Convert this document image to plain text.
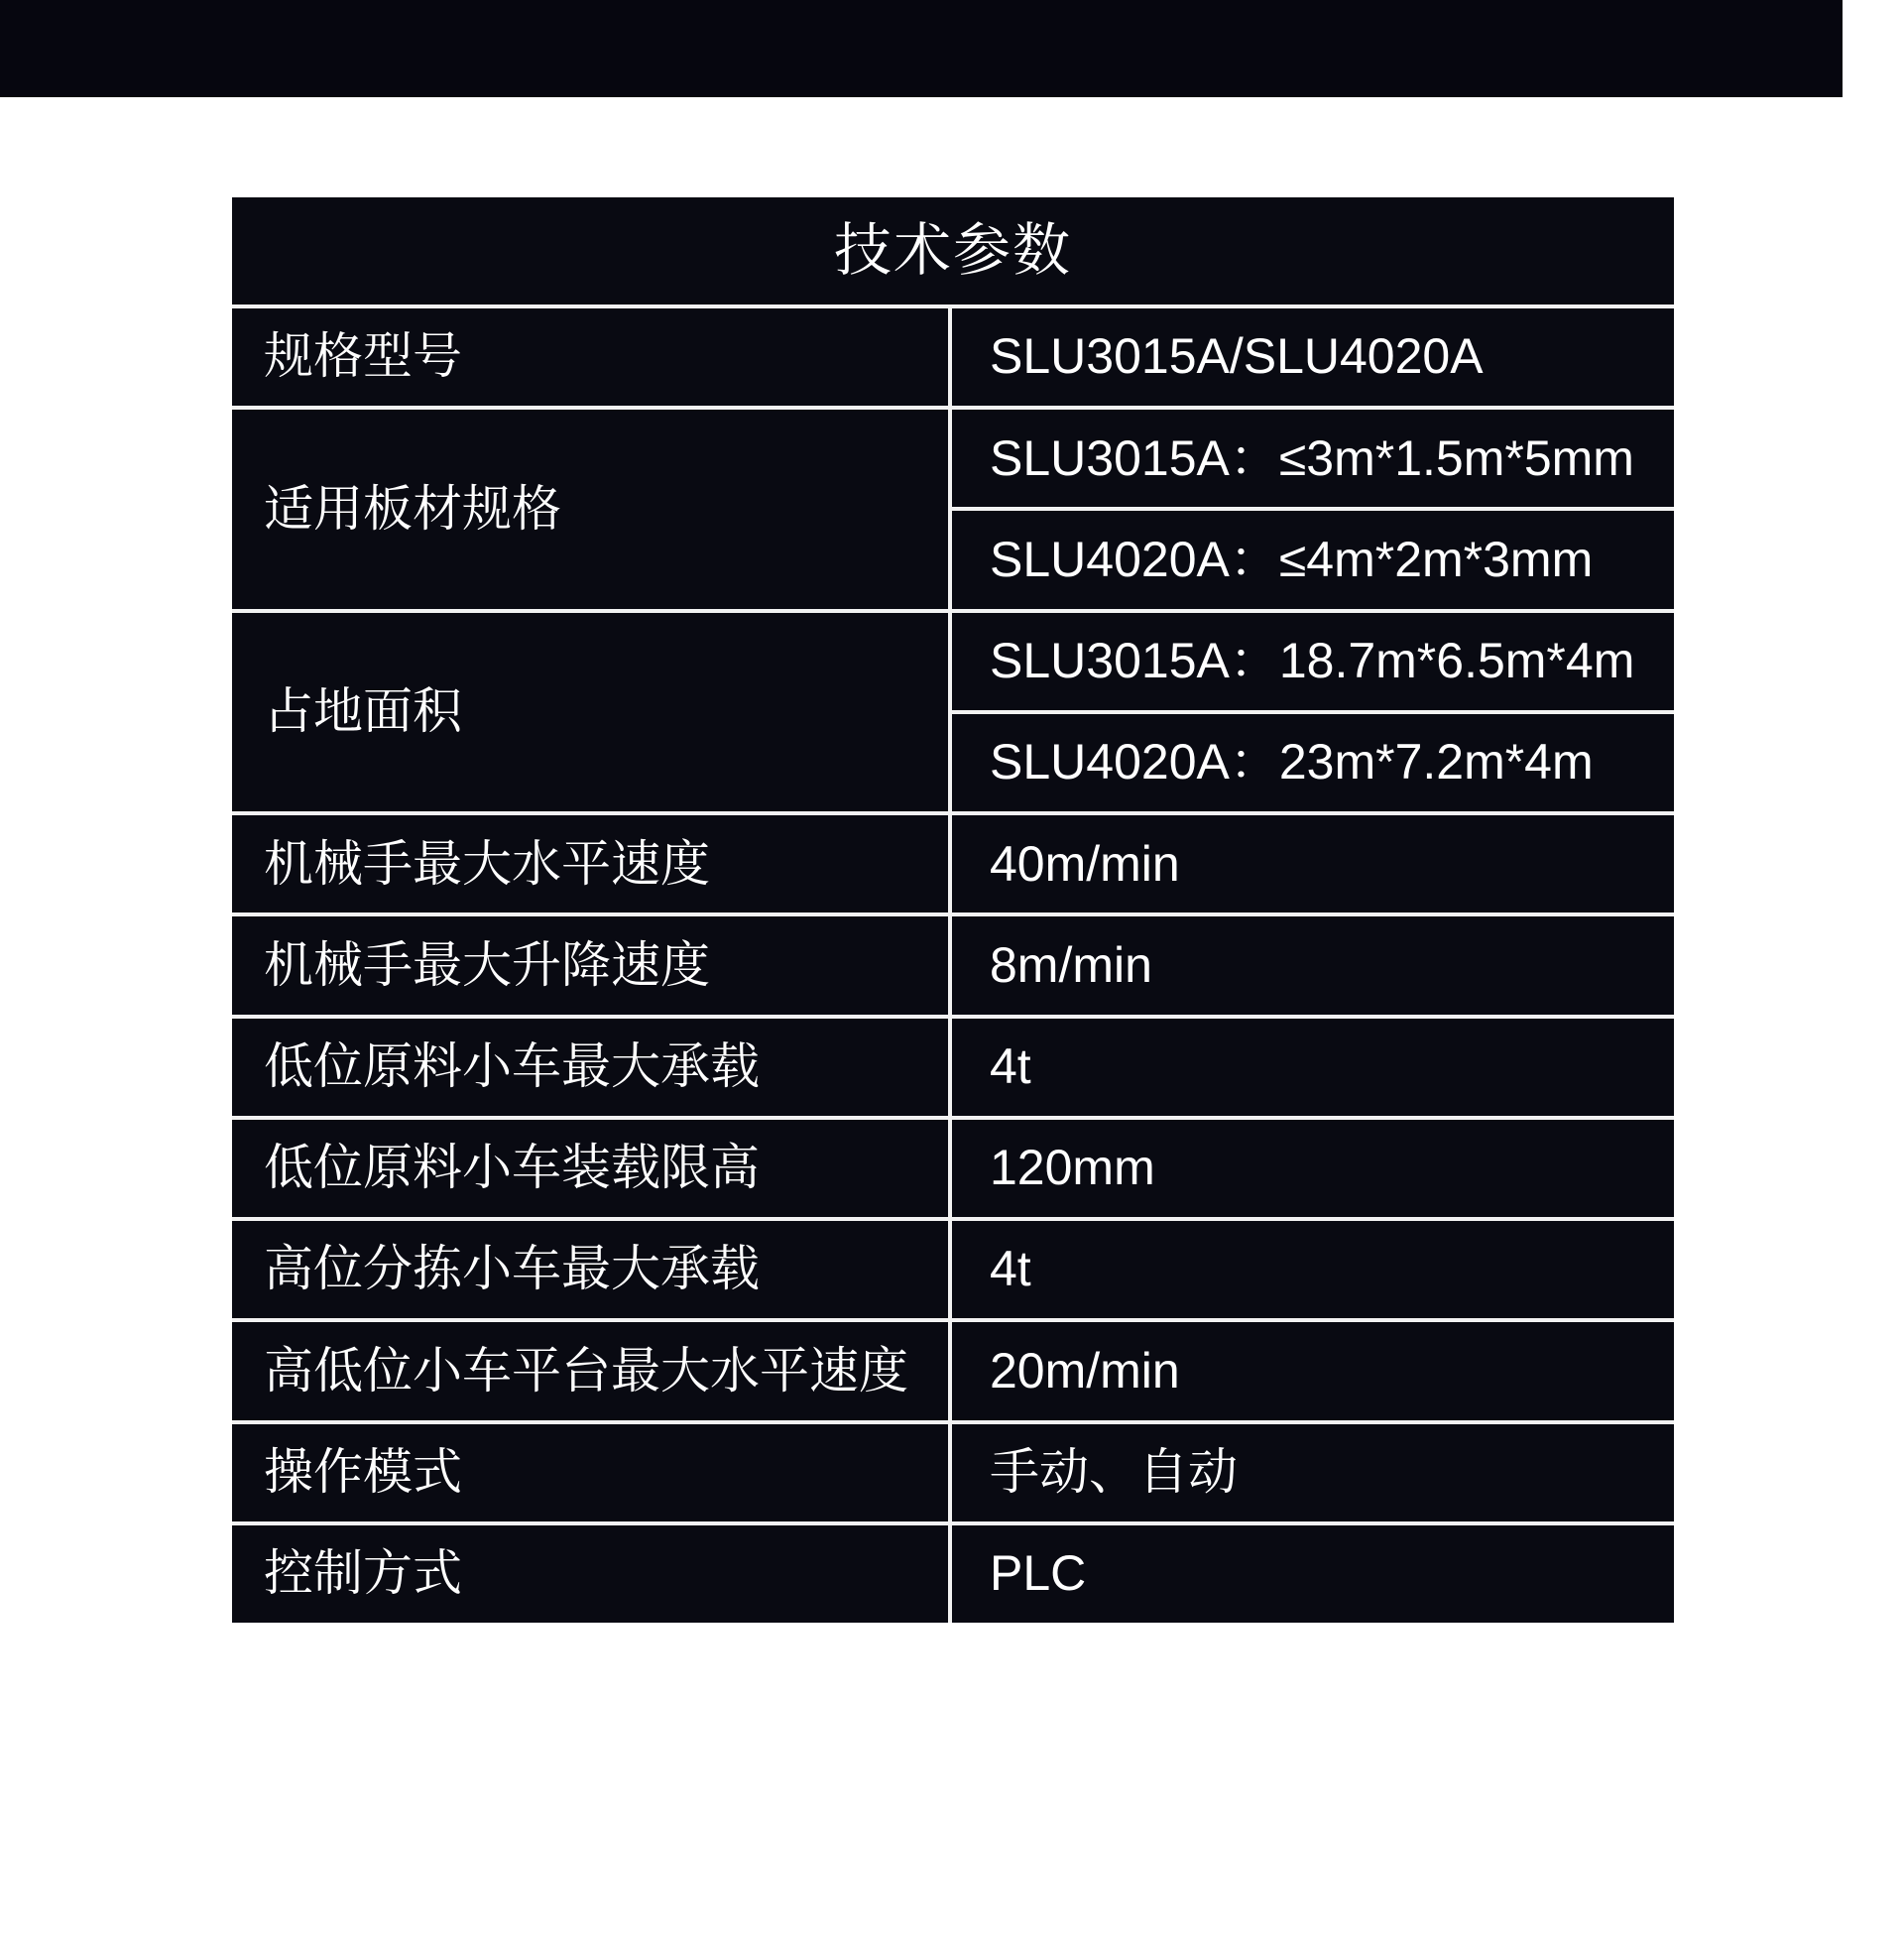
技术参数
规格型号	SLU3015A/SLU4020A
适用板材规格
SLU3015A：≤3m*1.5m*5mm
SLU4020A：≤4m*2m*3mm
占地面积
SLU3015A：18.7m*6.5m*4m
SLU4020A：23m*7.2m*4m
机械手最大水平速度	40m/min
机械手最大升降速度	8m/min
低位原料小车最大承载	4t
低位原料小车装载限高	120mm
高位分拣小车最大承载	4t
高低位小车平台最大水平速度	20m/min
操作模式	手动、自动
控制方式	PLC
